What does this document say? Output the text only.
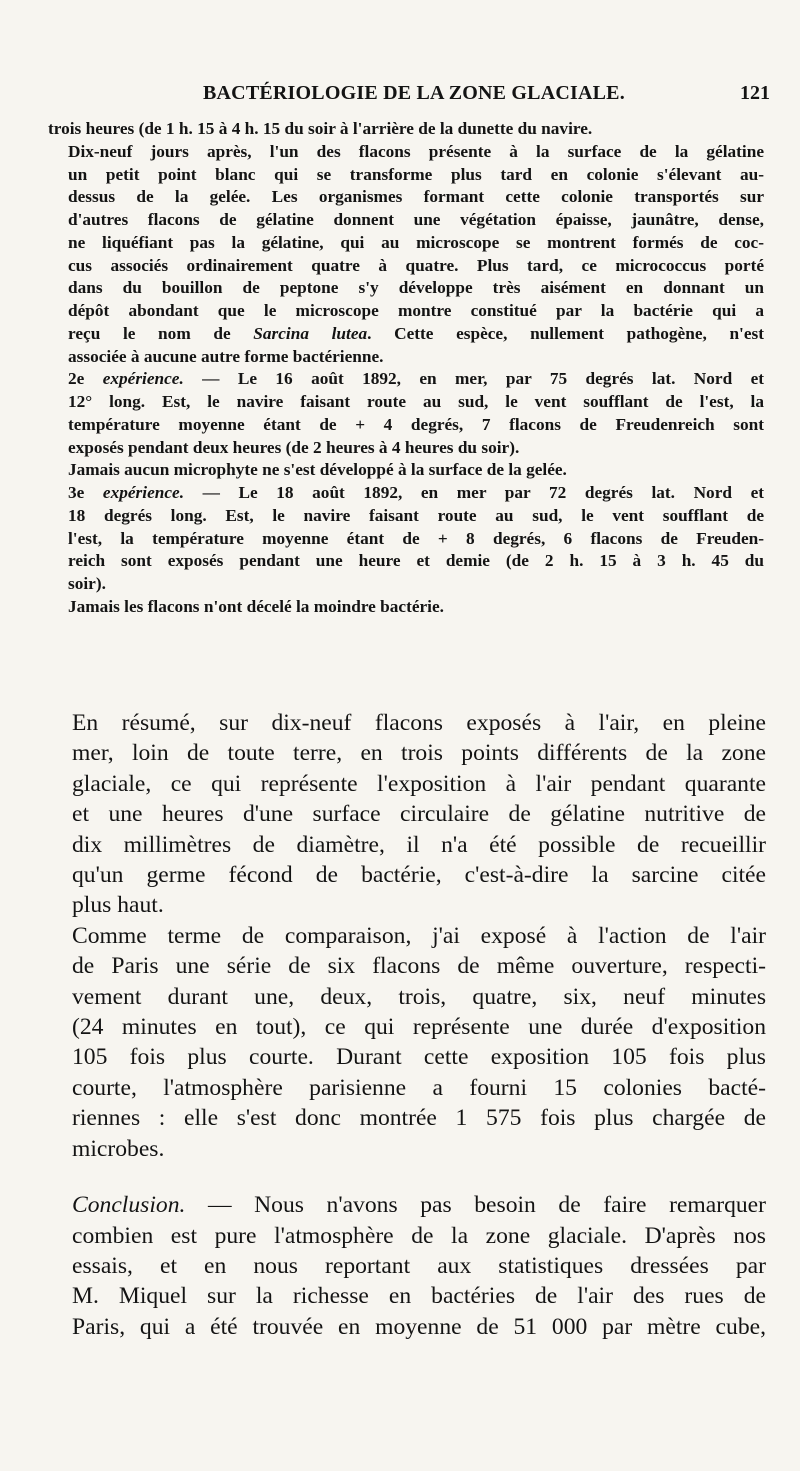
BACTÉRIOLOGIE DE LA ZONE GLACIALE.	121

trois heures (de 1 h. 15 à 4 h. 15 du soir à l'arrière de la dunette du navire.

Dix-neuf jours après, l'un des flacons présente à la surface de la gélatine
un petit point blanc qui se transforme plus tard en colonie s'élevant au-
dessus de la gelée. Les organismes formant cette colonie transportés sur
d'autres flacons de gélatine donnent une végétation épaisse, jaunâtre, dense,
ne liquéfiant pas la gélatine, qui au microscope se montrent formés de coc-
cus associés ordinairement quatre à quatre. Plus tard, ce micrococcus porté
dans du bouillon de peptone s'y développe très aisément en donnant un
dépôt abondant que le microscope montre constitué par la bactérie qui a
reçu le nom de Sarcina lutea. Cette espèce, nullement pathogène, n'est
associée à aucune autre forme bactérienne.

2e expérience. — Le 16 août 1892, en mer, par 75 degrés lat. Nord et
12° long. Est, le navire faisant route au sud, le vent soufflant de l'est, la
température moyenne étant de + 4 degrés, 7 flacons de Freudenreich sont
exposés pendant deux heures (de 2 heures à 4 heures du soir).

Jamais aucun microphyte ne s'est développé à la surface de la gelée.

3e expérience. — Le 18 août 1892, en mer par 72 degrés lat. Nord et
18 degrés long. Est, le navire faisant route au sud, le vent soufflant de
l'est, la température moyenne étant de + 8 degrés, 6 flacons de Freuden-
reich sont exposés pendant une heure et demie (de 2 h. 15 à 3 h. 45 du
soir).

Jamais les flacons n'ont décelé la moindre bactérie.

En résumé, sur dix-neuf flacons exposés à l'air, en pleine
mer, loin de toute terre, en trois points différents de la zone
glaciale, ce qui représente l'exposition à l'air pendant quarante
et une heures d'une surface circulaire de gélatine nutritive de
dix millimètres de diamètre, il n'a été possible de recueillir
qu'un germe fécond de bactérie, c'est-à-dire la sarcine citée
plus haut.

Comme terme de comparaison, j'ai exposé à l'action de l'air
de Paris une série de six flacons de même ouverture, respecti-
vement durant une, deux, trois, quatre, six, neuf minutes
(24 minutes en tout), ce qui représente une durée d'exposition
105 fois plus courte. Durant cette exposition 105 fois plus
courte, l'atmosphère parisienne a fourni 15 colonies bacté-
riennes : elle s'est donc montrée 1 575 fois plus chargée de
microbes.

Conclusion. — Nous n'avons pas besoin de faire remarquer
combien est pure l'atmosphère de la zone glaciale. D'après nos
essais, et en nous reportant aux statistiques dressées par
M. Miquel sur la richesse en bactéries de l'air des rues de
Paris, qui a été trouvée en moyenne de 51 000 par mètre cube,
